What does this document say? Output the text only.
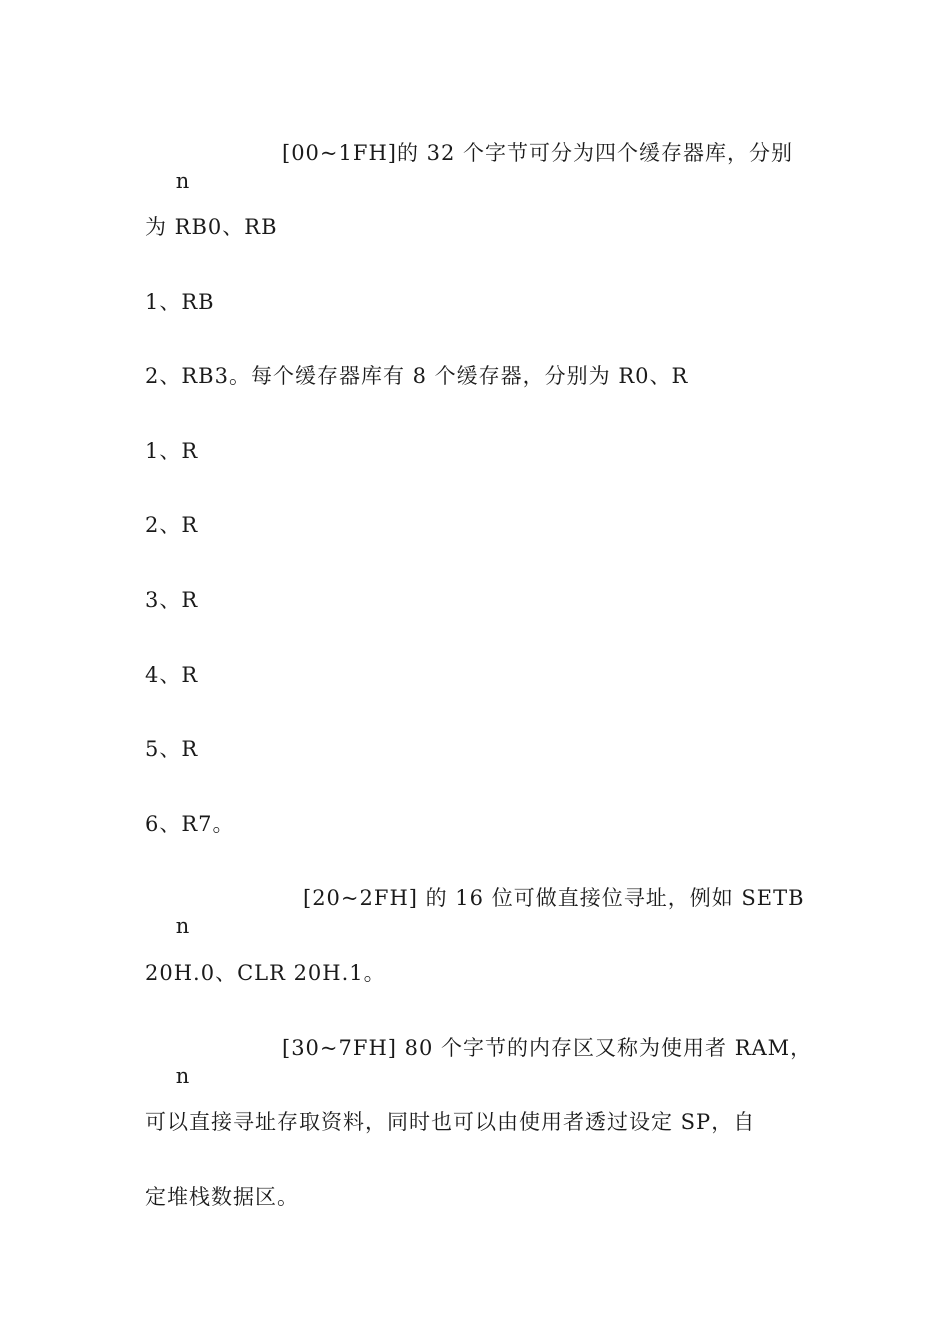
n

[00~1FH]的 32 个字节可分为四个缓存器库，分别

为 RB0、RB
1、RB
2、RB3。每个缓存器库有 8 个缓存器，分别为 R0、R
1、R
2、R
3、R
4、R
5、R
6、R7。

n

[20~2FH] 的 16 位可做直接位寻址，例如 SETB

20H.0、CLR 20H.1。

n

[30~7FH] 80 个字节的内存区又称为使用者 RAM，

可以直接寻址存取资料，同时也可以由使用者透过设定 SP，自
定堆栈数据区。
